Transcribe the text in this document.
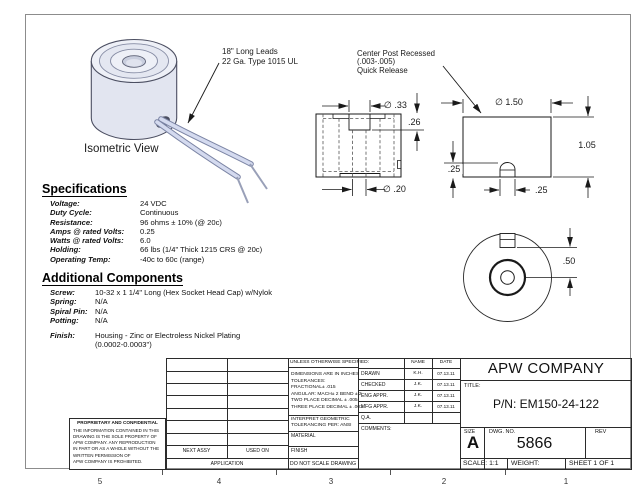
Isometric View
18" Long Leads
22 Ga. Type 1015 UL
Center Post Recessed
(.003-.005)
Quick Release
∅ .33
.26
∅ .20
∅ 1.50
1.05
.25
.25
.50
Specifications
Voltage:	24 VDC
Duty Cycle:	Continuous
Resistance:	96 ohms ± 10% (@ 20c)
Amps @ rated Volts: 0.25
Watts @ rated Volts: 6.0
Holding:	66 lbs (1/4" Thick 1215 CRS @ 20c)
Operating Temp:	-40c to 60c (range)
Additional Components
Screw:	10-32 x 1 1/4" Long (Hex Socket Head Cap) w/Nylok
Spring: N/A
Spiral Pin: N/A
Potting: N/A
Finish:	Housing - Zinc or Electroless Nickel Plating
(0.0002-0.0003")
NEXT ASSY	USED ON
APPLICATION
UNLESS OTHERWISE SPECIFIED:
DIMENSIONS ARE IN INCHES
TOLERANCES:
FRACTIONAL± .015
ANGULAR: MACH± 2 BEND ± 2
TWO PLACE DECIMAL ± .005
THREE PLACE DECIMAL ± .003
INTERPRET GEOMETRIC
TOLERANCING PER: ANSI
MATERIAL
FINISH
DO NOT SCALE DRAWING
NAME	DATE
DRAWN	K.H.	07.13.11
CHECKED	J.K.	07.13.11
ENG APPR.	J.K.	07.13.11
MFG APPR.	J.K.	07.13.11
Q.A.
COMMENTS:
APW COMPANY
TITLE:
P/N: EM150-24-122
SIZE
A
DWG. NO.
5866
REV
SCALE: 1:1 WEIGHT:	SHEET 1 OF 1
PROPRIETARY AND CONFIDENTIAL
THE INFORMATION CONTAINED IN THIS
DRAWING IS THE SOLE PROPERTY OF
APW COMPANY. ANY REPRODUCTION
IN PART OR AS A WHOLE WITHOUT THE
WRITTEN PERMISSION OF
APW COMPANY IS PROHIBITED.
5	4	3	2	1
